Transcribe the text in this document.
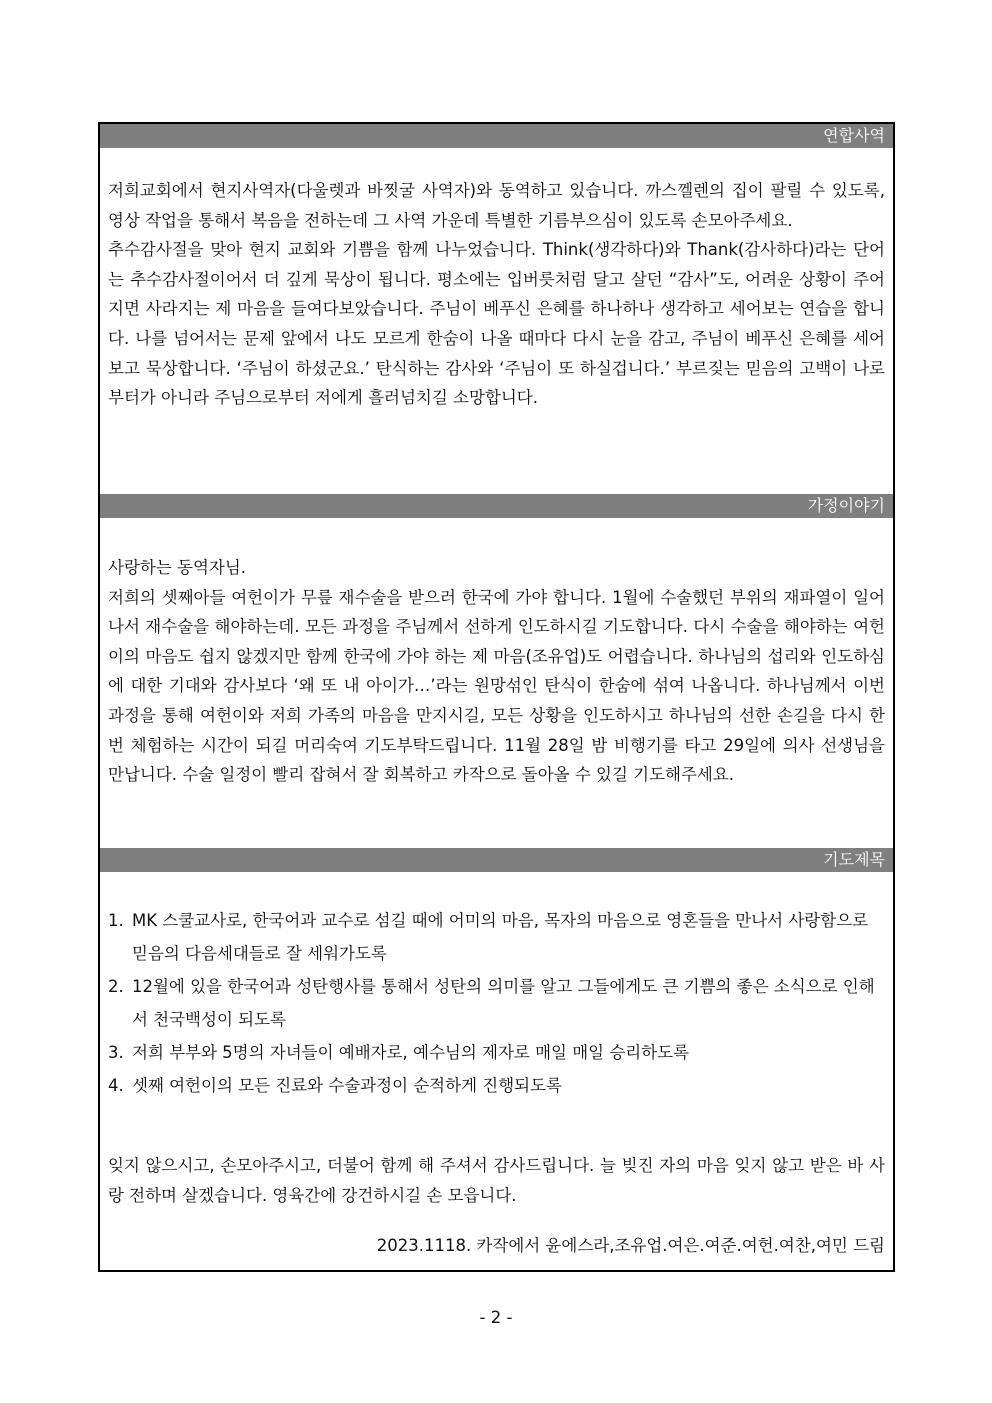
연합사역

저희교회에서 현지사역자(다울렛과 바찟굴 사역자)와 동역하고 있습니다. 까스껠렌의 집이 팔릴 수 있도록, 영상 작업을 통해서 복음을 전하는데 그 사역 가운데 특별한 기름부으심이 있도록 손모아주세요.

추수감사절을 맞아 현지 교회와 기쁨을 함께 나누었습니다. Think(생각하다)와 Thank(감사하다)라는 단어는 추수감사절이어서 더 깊게 묵상이 됩니다. 평소에는 입버릇처럼 달고 살던 “감사”도, 어려운 상황이 주어지면 사라지는 제 마음을 들여다보았습니다. 주님이 베푸신 은혜를 하나하나 생각하고 세어보는 연습을 합니다. 나를 넘어서는 문제 앞에서 나도 모르게 한숨이 나올 때마다 다시 눈을 감고, 주님이 베푸신 은혜를 세어보고 묵상합니다. ‘주님이 하셨군요.’ 탄식하는 감사와 ‘주님이 또 하실겁니다.’ 부르짖는 믿음의 고백이 나로부터가 아니라 주님으로부터 저에게 흘러넘치길 소망합니다.

가정이야기

사랑하는 동역자님.

저희의 셋째아들 여헌이가 무릎 재수술을 받으러 한국에 가야 합니다. 1월에 수술했던 부위의 재파열이 일어나서 재수술을 해야하는데. 모든 과정을 주님께서 선하게 인도하시길 기도합니다. 다시 수술을 해야하는 여헌이의 마음도 쉽지 않겠지만 함께 한국에 가야 하는 제 마음(조유업)도 어렵습니다. 하나님의 섭리와 인도하심에 대한 기대와 감사보다 ‘왜 또 내 아이가…’라는 원망섞인 탄식이 한숨에 섞여 나옵니다. 하나님께서 이번 과정을 통해 여헌이와 저희 가족의 마음을 만지시길, 모든 상황을 인도하시고 하나님의 선한 손길을 다시 한 번 체험하는 시간이 되길 머리숙여 기도부탁드립니다. 11월 28일 밤 비행기를 타고 29일에 의사 선생님을 만납니다. 수술 일정이 빨리 잡혀서 잘 회복하고 카작으로 돌아올 수 있길 기도해주세요.

기도제목
1. MK 스쿨교사로, 한국어과 교수로 섬길 때에 어미의 마음, 목자의 마음으로 영혼들을 만나서 사랑함으로 믿음의 다음세대들로 잘 세워가도록
2. 12월에 있을 한국어과 성탄행사를 통해서 성탄의 의미를 알고 그들에게도 큰 기쁨의 좋은 소식으로 인해서 천국백성이 되도록
3. 저희 부부와 5명의 자녀들이 예배자로, 예수님의 제자로 매일 매일 승리하도록
4. 셋째 여헌이의 모든 진료와 수술과정이 순적하게 진행되도록

잊지 않으시고, 손모아주시고, 더불어 함께 해 주셔서 감사드립니다. 늘 빚진 자의 마음 잊지 않고 받은 바 사랑 전하며 살겠습니다. 영육간에 강건하시길 손 모읍니다.

2023.1118. 카작에서 윤에스라,조유업.여은.여준.여헌.여찬,여민 드림
- 2 -
